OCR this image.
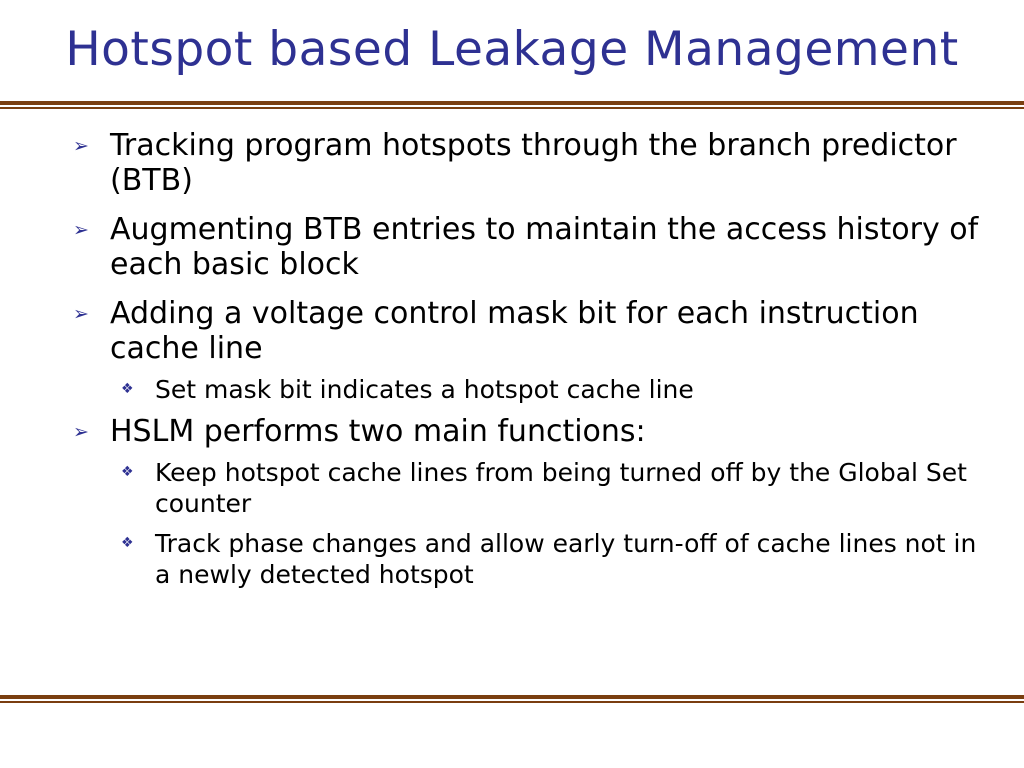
Hotspot based Leakage Management
➢ Tracking program hotspots through the branch predictor (BTB)
➢ Augmenting BTB entries to maintain the access history of each basic block
➢ Adding a voltage control mask bit for each instruction cache line
❖ Set mask bit indicates a hotspot cache line
➢ HSLM performs two main functions:
❖ Keep hotspot cache lines from being turned off by the Global Set counter
❖ Track phase changes and allow early turn-off of cache lines not in a newly detected hotspot
